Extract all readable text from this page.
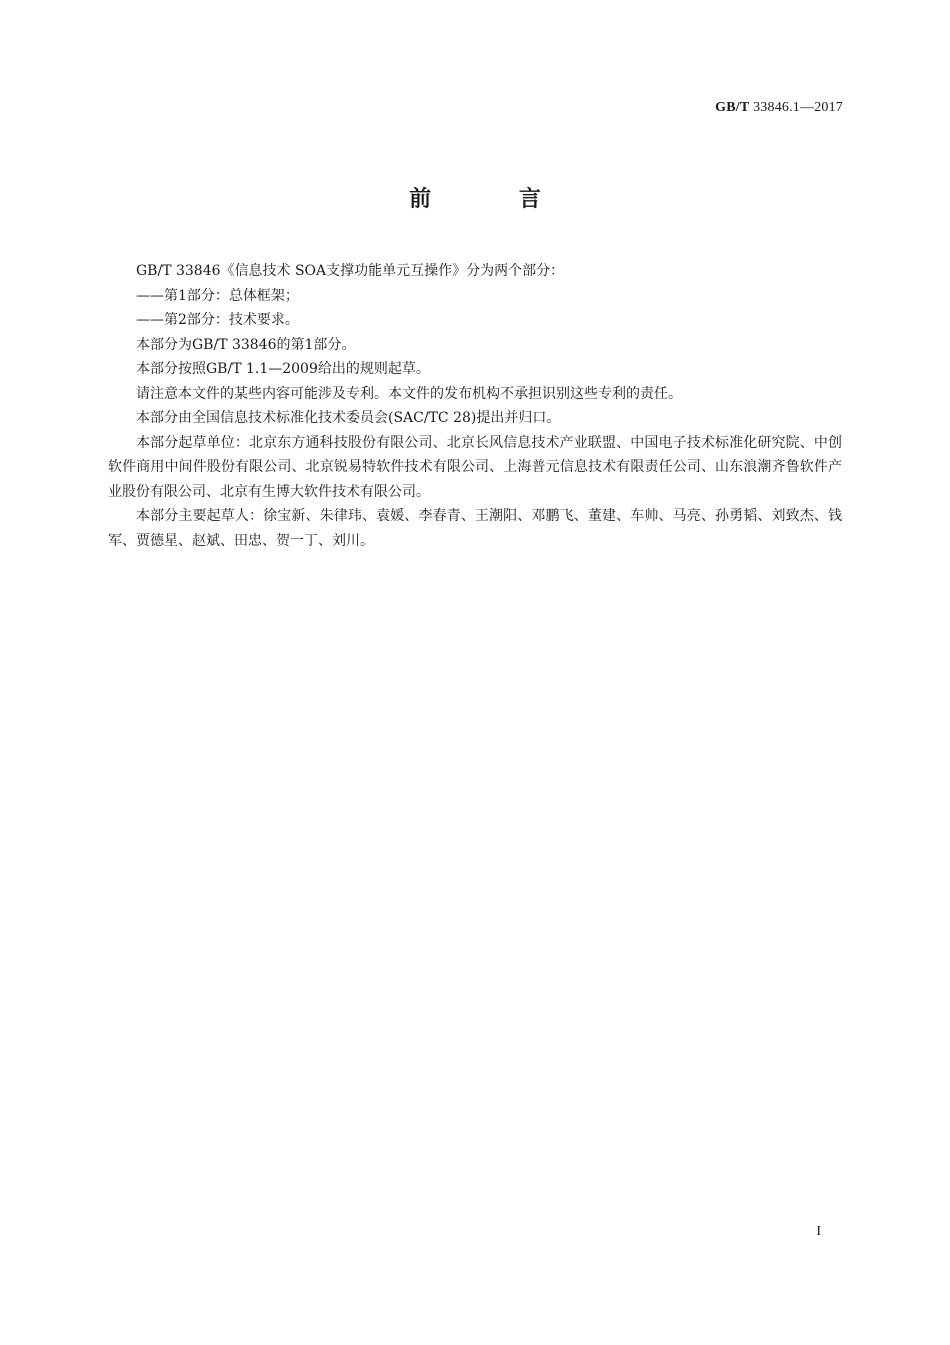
GB/T 33846.1—2017
前 言

GB/T 33846《信息技术 SOA支撑功能单元互操作》分为两个部分：

——第1部分：总体框架；

——第2部分：技术要求。

本部分为GB/T 33846的第1部分。

本部分按照GB/T 1.1—2009给出的规则起草。

请注意本文件的某些内容可能涉及专利。本文件的发布机构不承担识别这些专利的责任。

本部分由全国信息技术标准化技术委员会(SAC/TC 28)提出并归口。

本部分起草单位：北京东方通科技股份有限公司、北京长风信息技术产业联盟、中国电子技术标准化研究院、中创软件商用中间件股份有限公司、北京锐易特软件技术有限公司、上海普元信息技术有限责任公司、山东浪潮齐鲁软件产业股份有限公司、北京有生博大软件技术有限公司。

本部分主要起草人：徐宝新、朱律玮、袁媛、李春青、王潮阳、邓鹏飞、董建、车帅、马亮、孙勇韬、刘致杰、钱军、贾德星、赵斌、田忠、贺一丁、刘川。

I
